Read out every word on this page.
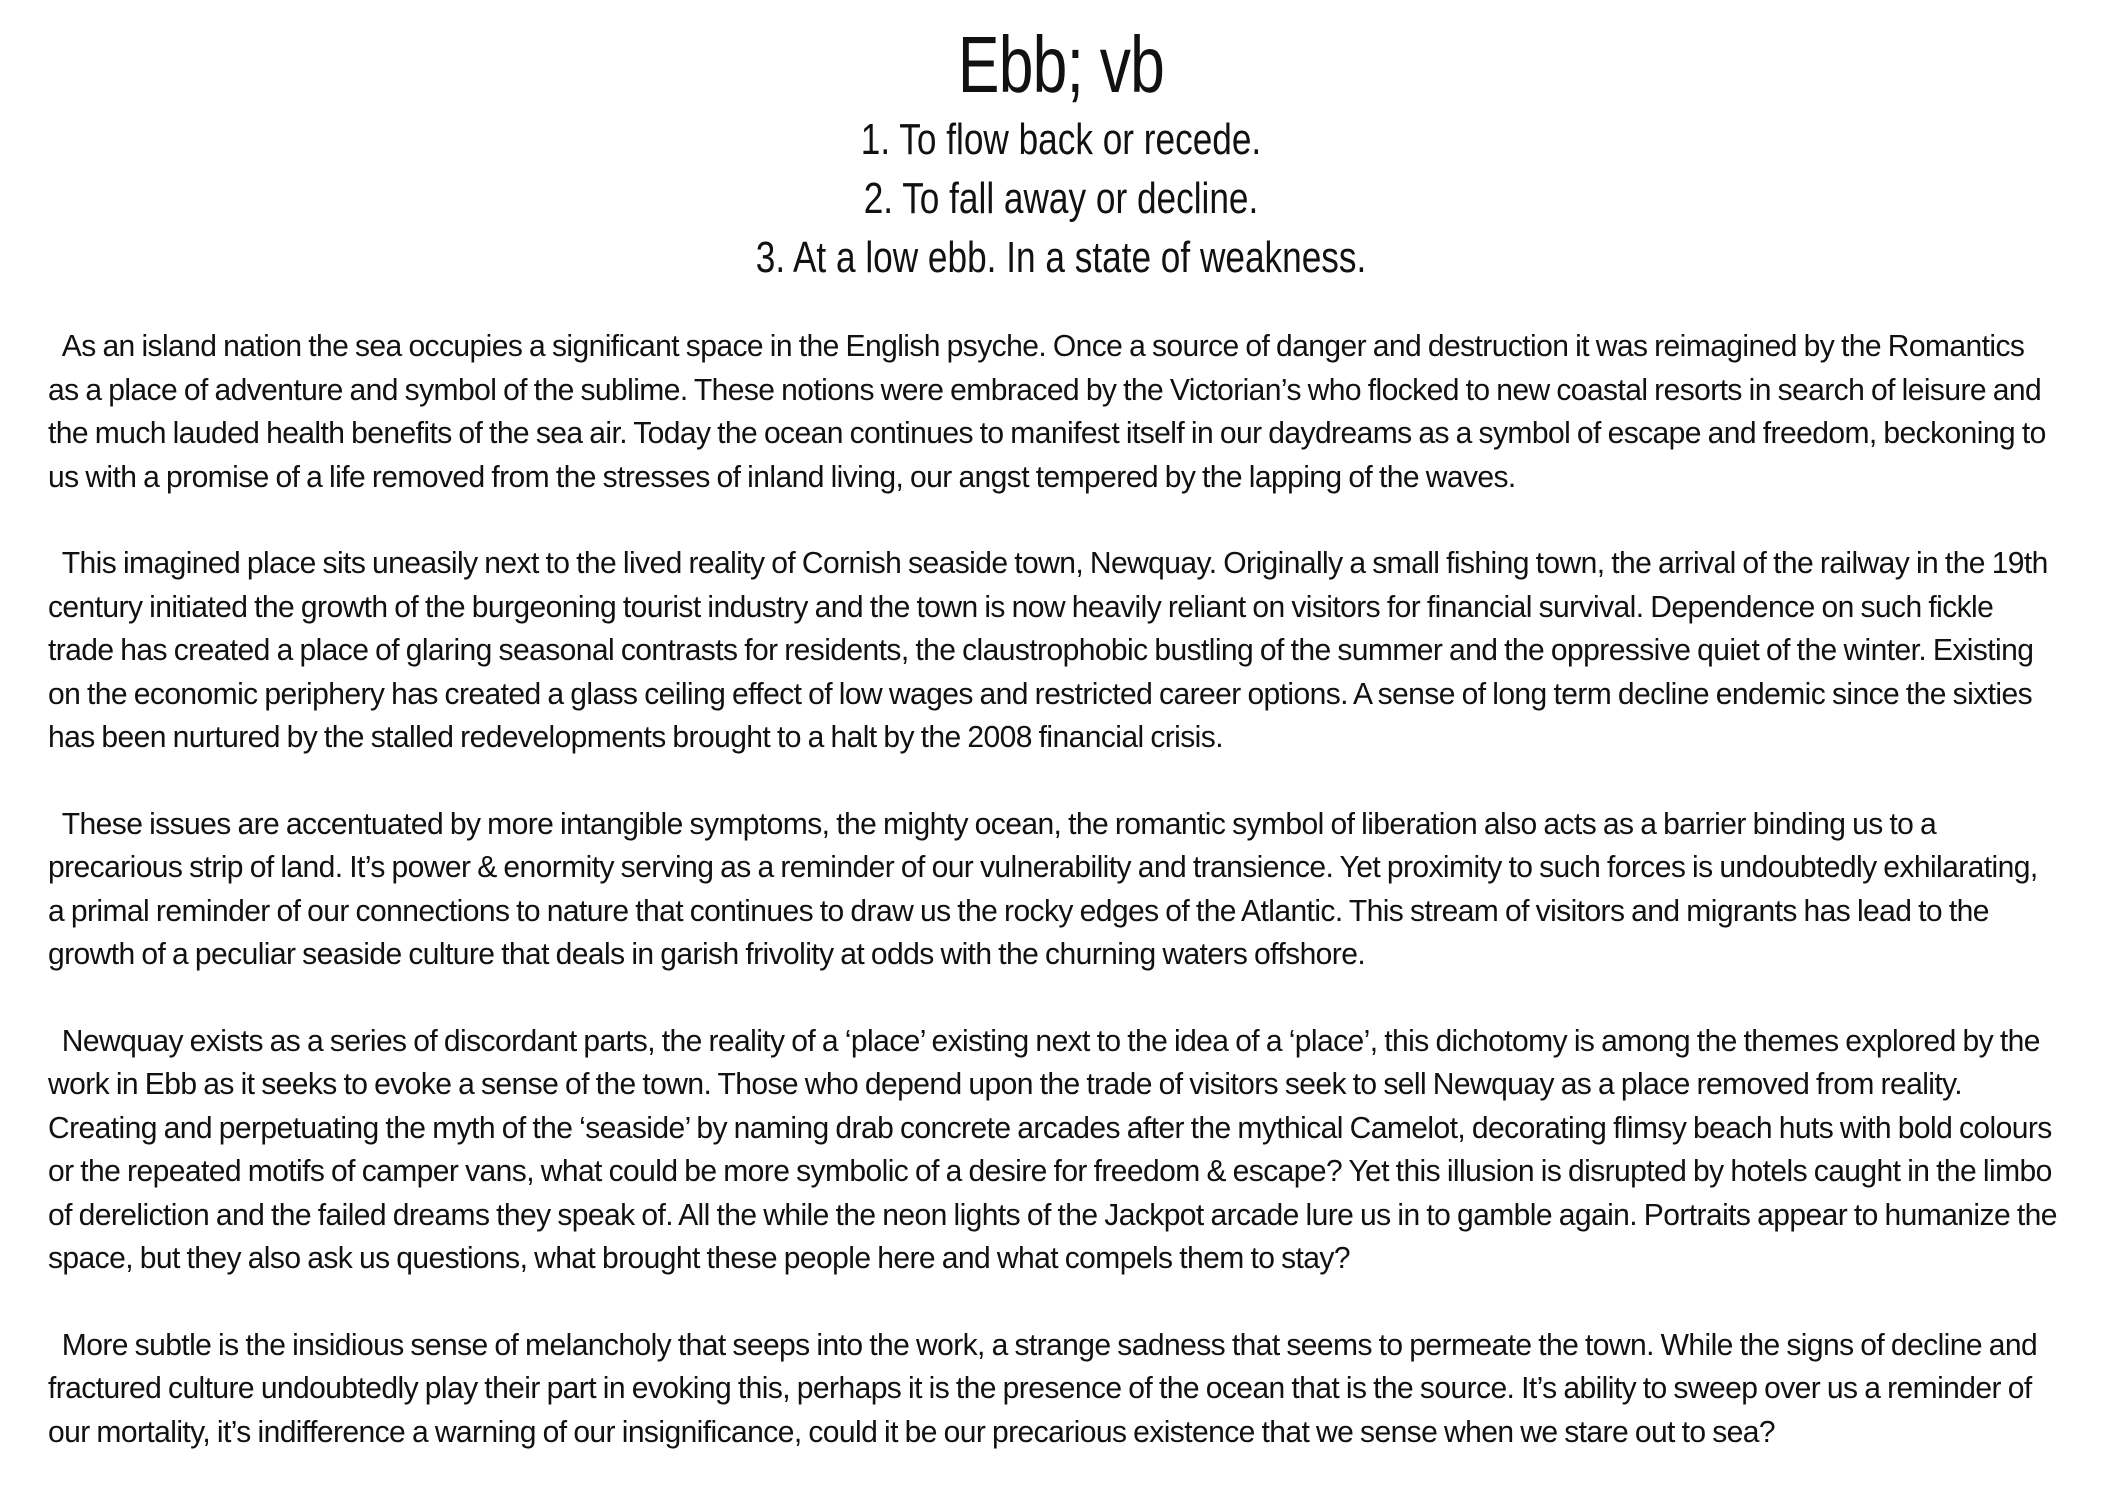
Ebb; vb
1. To flow back or recede.
2. To fall away or decline.
3. At a low ebb. In a state of weakness.

As an island nation the sea occupies a significant space in the English psyche. Once a source of danger and destruction it was reimagined by the Romantics as a place of adventure and symbol of the sublime. These notions were embraced by the Victorian’s who flocked to new coastal resorts in search of leisure and the much lauded health benefits of the sea air. Today the ocean continues to manifest itself in our daydreams as a symbol of escape and freedom, beckoning to us with a promise of a life removed from the stresses of inland living, our angst tempered by the lapping of the waves.

This imagined place sits uneasily next to the lived reality of Cornish seaside town, Newquay. Originally a small fishing town, the arrival of the railway in the 19th century initiated the growth of the burgeoning tourist industry and the town is now heavily reliant on visitors for financial survival. Dependence on such fickle trade has created a place of glaring seasonal contrasts for residents, the claustrophobic bustling of the summer and the oppressive quiet of the winter. Existing on the economic periphery has created a glass ceiling effect of low wages and restricted career options. A sense of long term decline endemic since the sixties has been nurtured by the stalled redevelopments brought to a halt by the 2008 financial crisis.

These issues are accentuated by more intangible symptoms, the mighty ocean, the romantic symbol of liberation also acts as a barrier binding us to a precarious strip of land. It’s power & enormity serving as a reminder of our vulnerability and transience. Yet proximity to such forces is undoubtedly exhilarating, a primal reminder of our connections to nature that continues to draw us the rocky edges of the Atlantic. This stream of visitors and migrants has lead to the growth of a peculiar seaside culture that deals in garish frivolity at odds with the churning waters offshore.

Newquay exists as a series of discordant parts, the reality of a ‘place’ existing next to the idea of a ‘place’, this dichotomy is among the themes explored by the work in Ebb as it seeks to evoke a sense of the town. Those who depend upon the trade of visitors seek to sell Newquay as a place removed from reality. Creating and perpetuating the myth of the ‘seaside’ by naming drab concrete arcades after the mythical Camelot, decorating flimsy beach huts with bold colours or the repeated motifs of camper vans, what could be more symbolic of a desire for freedom & escape? Yet this illusion is disrupted by hotels caught in the limbo of dereliction and the failed dreams they speak of. All the while the neon lights of the Jackpot arcade lure us in to gamble again. Portraits appear to humanize the space, but they also ask us questions, what brought these people here and what compels them to stay?

More subtle is the insidious sense of melancholy that seeps into the work, a strange sadness that seems to permeate the town. While the signs of decline and fractured culture undoubtedly play their part in evoking this, perhaps it is the presence of the ocean that is the source. It’s ability to sweep over us a reminder of our mortality, it’s indifference a warning of our insignificance, could it be our precarious existence that we sense when we stare out to sea?
